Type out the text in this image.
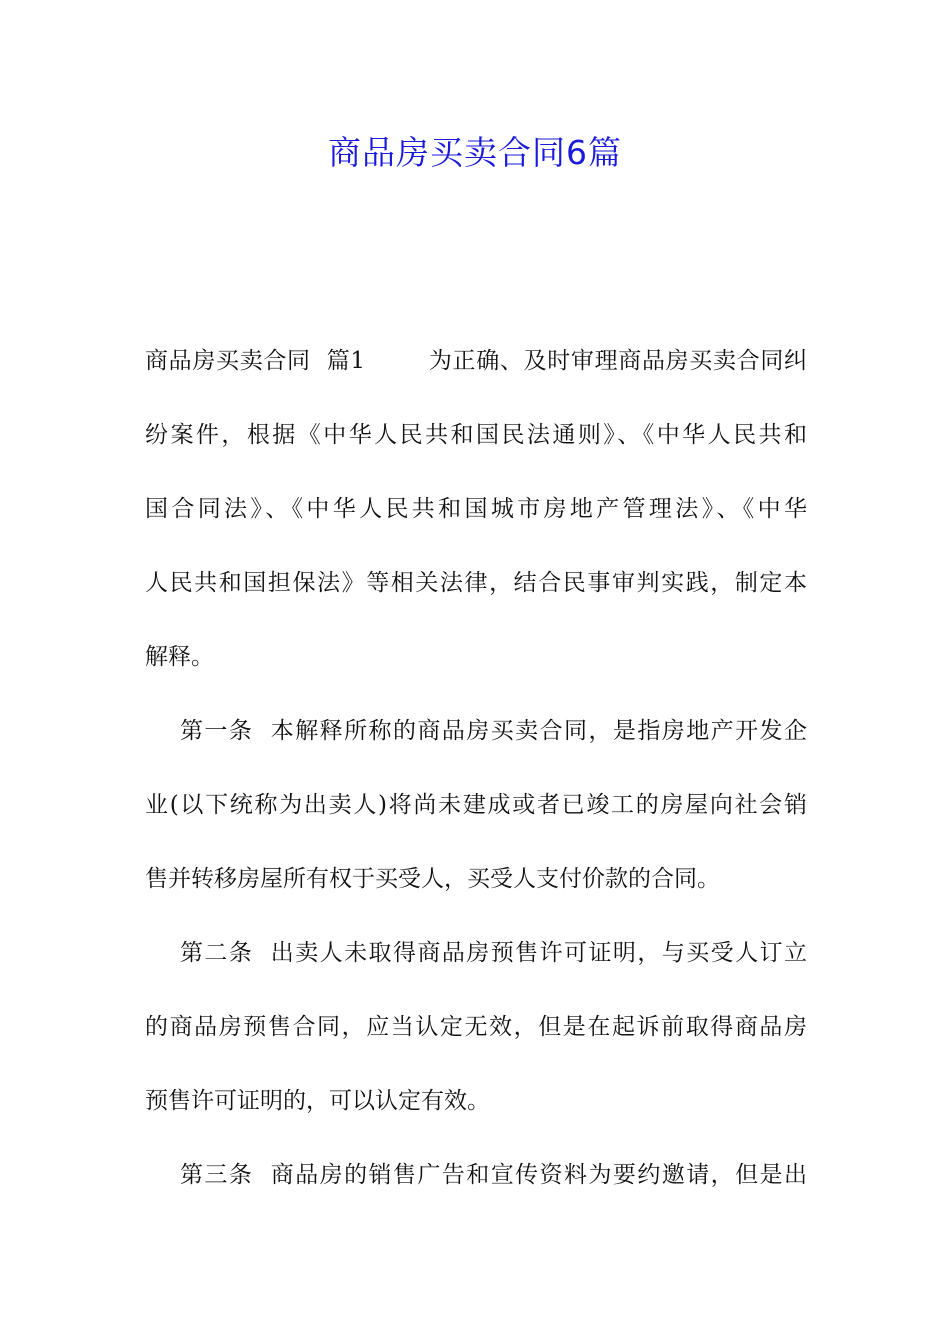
商品房买卖合同6篇
商品房买卖合同  篇1        为正确、及时审理商品房买卖合同纠
纷案件，根据《中华人民共和国民法通则》、《中华人民共和
国合同法》、《中华人民共和国城市房地产管理法》、《中华
人民共和国担保法》等相关法律，结合民事审判实践，制定本
解释。
第一条  本解释所称的商品房买卖合同，是指房地产开发企
业(以下统称为出卖人)将尚未建成或者已竣工的房屋向社会销
售并转移房屋所有权于买受人，买受人支付价款的合同。
第二条  出卖人未取得商品房预售许可证明，与买受人订立
的商品房预售合同，应当认定无效，但是在起诉前取得商品房
预售许可证明的，可以认定有效。
第三条  商品房的销售广告和宣传资料为要约邀请，但是出
